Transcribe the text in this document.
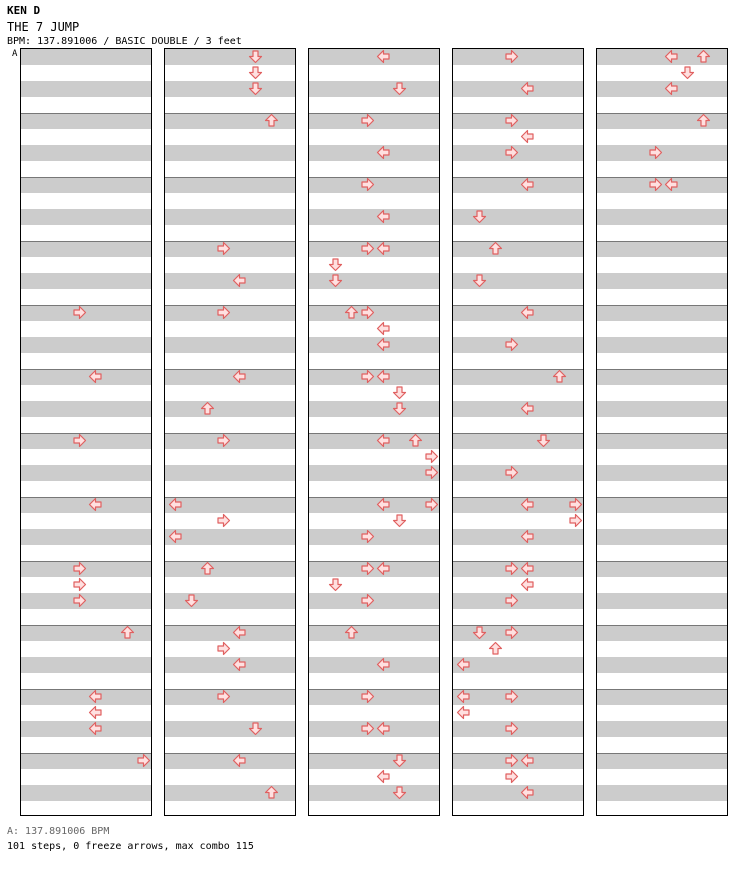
KEN D
THE 7 JUMP
BPM: 137.891006 / BASIC DOUBLE / 3 feet
A
A: 137.891006 BPM
101 steps, 0 freeze arrows, max combo 115
